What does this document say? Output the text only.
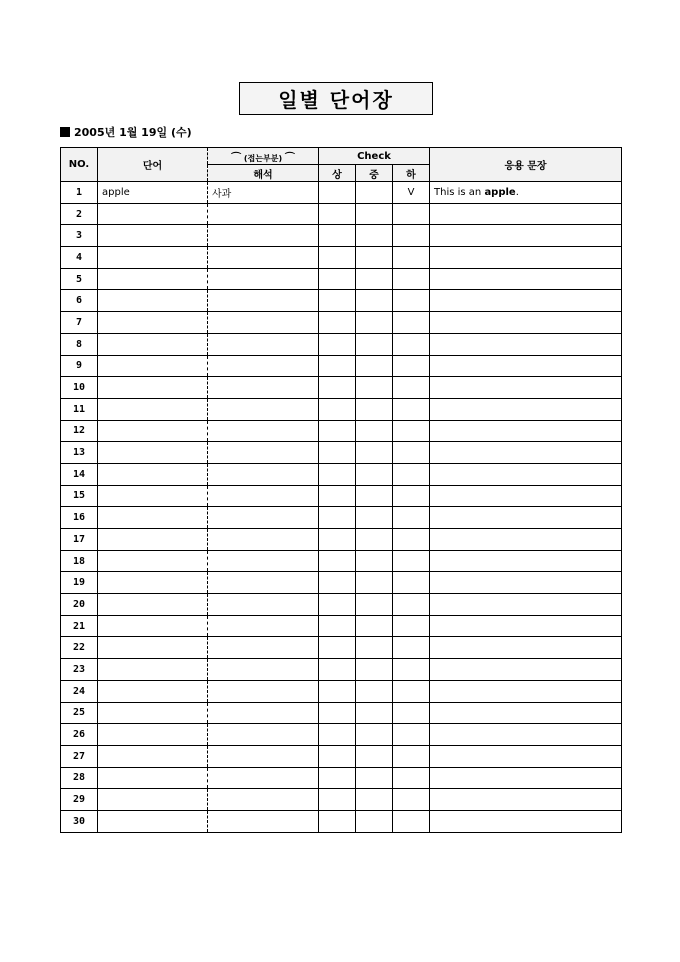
일별 단어장
2005년 1월 19일 (수)
NO.	단어	⌒ (접는부분) ⌒	Check			응용 문장
		해석	상	중	하	
1	apple	사과			V	This is an apple.
2						
3						
4						
5						
6						
7						
8						
9						
10						
11						
12						
13						
14						
15						
16						
17						
18						
19						
20						
21						
22						
23						
24						
25						
26						
27						
28						
29						
30						
